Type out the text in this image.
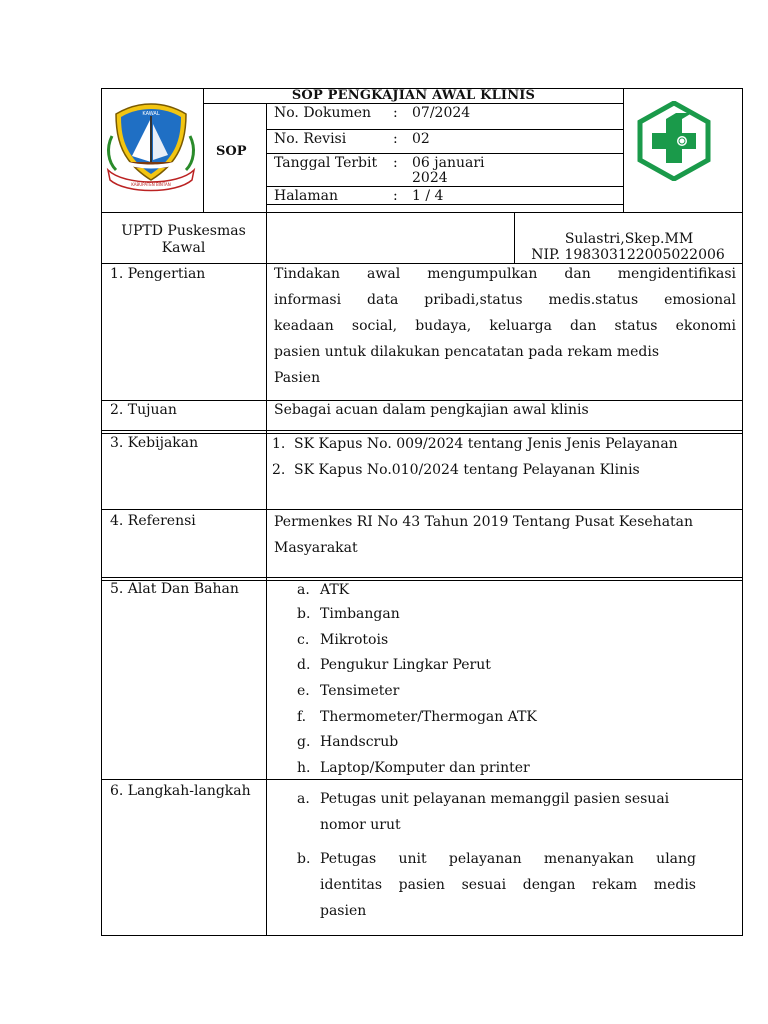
KAWAL
KABUPATEN BINTAN
SOP PENGKAJIAN AWAL KLINIS
SOP
No. Dokumen : 07/2024
No. Revisi	: 02
Tanggal Terbit : 06 januari
2024
Halaman	: 1 / 4
UPTD Puskesmas
Kawal
Sulastri,Skep.MM
NIP. 198303122005022006
1. Pengertian	Tindakan awal mengumpulkan dan mengidentifikasi
informasi data pribadi,status medis.status emosional
keadaan social, budaya, keluarga dan status ekonomi
pasien untuk dilakukan pencatatan pada rekam medis
Pasien
2. Tujuan	Sebagai acuan dalam pengkajian awal klinis
3. Kebijakan	1. SK Kapus No. 009/2024 tentang Jenis Jenis Pelayanan
2. SK Kapus No.010/2024 tentang Pelayanan Klinis
4. Referensi	Permenkes RI No 43 Tahun 2019 Tentang Pusat Kesehatan
Masyarakat
5. Alat Dan Bahan	a. ATK
b. Timbangan
c. Mikrotois
d. Pengukur Lingkar Perut
e. Tensimeter
f. Thermometer/Thermogan ATK
g. Handscrub
h. Laptop/Komputer dan printer
6. Langkah-langkah	a. Petugas unit pelayanan memanggil pasien sesuai
nomor urut
b. Petugas unit pelayanan menanyakan ulang
identitas pasien sesuai dengan rekam medis
pasien
